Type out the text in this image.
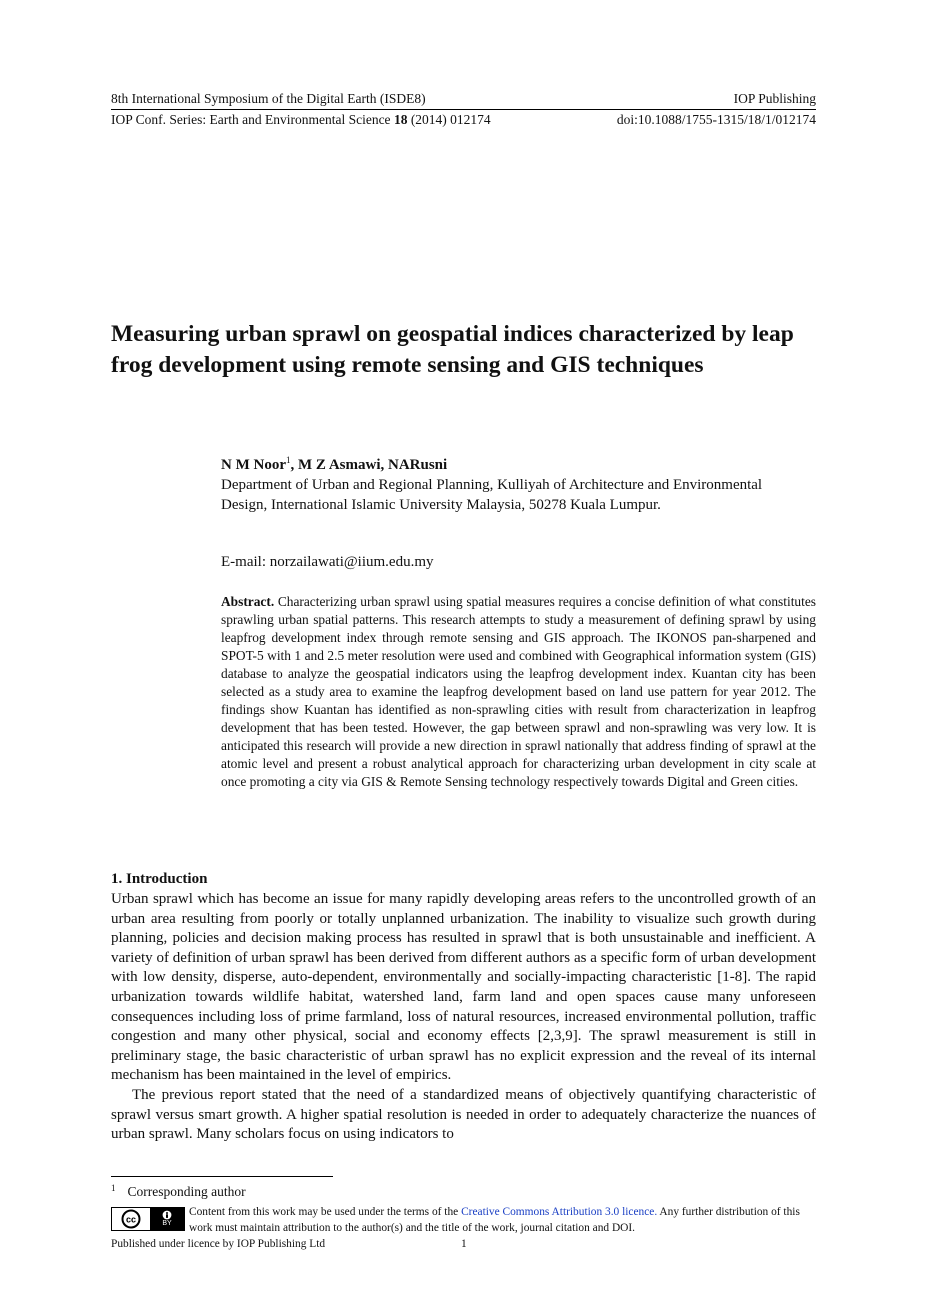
8th International Symposium of the Digital Earth (ISDE8)	IOP Publishing
IOP Conf. Series: Earth and Environmental Science 18 (2014) 012174	doi:10.1088/1755-1315/18/1/012174
Measuring urban sprawl on geospatial indices characterized by leap frog development using remote sensing and GIS techniques
N M Noor$^1$, M Z Asmawi, NARusni
Department of Urban and Regional Planning, Kulliyah of Architecture and Environmental Design, International Islamic University Malaysia, 50278 Kuala Lumpur.
E-mail: norzailawati@iium.edu.my
Abstract. Characterizing urban sprawl using spatial measures requires a concise definition of what constitutes sprawling urban spatial patterns. This research attempts to study a measurement of defining sprawl by using leapfrog development index through remote sensing and GIS approach. The IKONOS pan-sharpened and SPOT-5 with 1 and 2.5 meter resolution were used and combined with Geographical information system (GIS) database to analyze the geospatial indicators using the leapfrog development index. Kuantan city has been selected as a study area to examine the leapfrog development based on land use pattern for year 2012. The findings show Kuantan has identified as non-sprawling cities with result from characterization in leapfrog development that has been tested. However, the gap between sprawl and non-sprawling was very low. It is anticipated this research will provide a new direction in sprawl nationally that address finding of sprawl at the atomic level and present a robust analytical approach for characterizing urban development in city scale at once promoting a city via GIS & Remote Sensing technology respectively towards Digital and Green cities.
1. Introduction

Urban sprawl which has become an issue for many rapidly developing areas refers to the uncontrolled growth of an urban area resulting from poorly or totally unplanned urbanization. The inability to visualize such growth during planning, policies and decision making process has resulted in sprawl that is both unsustainable and inefficient. A variety of definition of urban sprawl has been derived from different authors as a specific form of urban development with low density, disperse, auto-dependent, environmentally and socially-impacting characteristic [1-8]. The rapid urbanization towards wildlife habitat, watershed land, farm land and open spaces cause many unforeseen consequences including loss of prime farmland, loss of natural resources, increased environmental pollution, traffic congestion and many other physical, social and economy effects [2,3,9]. The sprawl measurement is still in preliminary stage, the basic characteristic of urban sprawl has no explicit expression and the reveal of its internal mechanism has been maintained in the level of empirics.

The previous report stated that the need of a standardized means of objectively quantifying characteristic of sprawl versus smart growth. A higher spatial resolution is needed in order to adequately characterize the nuances of urban sprawl. Many scholars focus on using indicators to

$^1$ Corresponding author
cc	BY
Content from this work may be used under the terms of the Creative Commons Attribution 3.0 licence. Any further distribution of this work must maintain attribution to the author(s) and the title of the work, journal citation and DOI.
Published under licence by IOP Publishing Ltd	1
